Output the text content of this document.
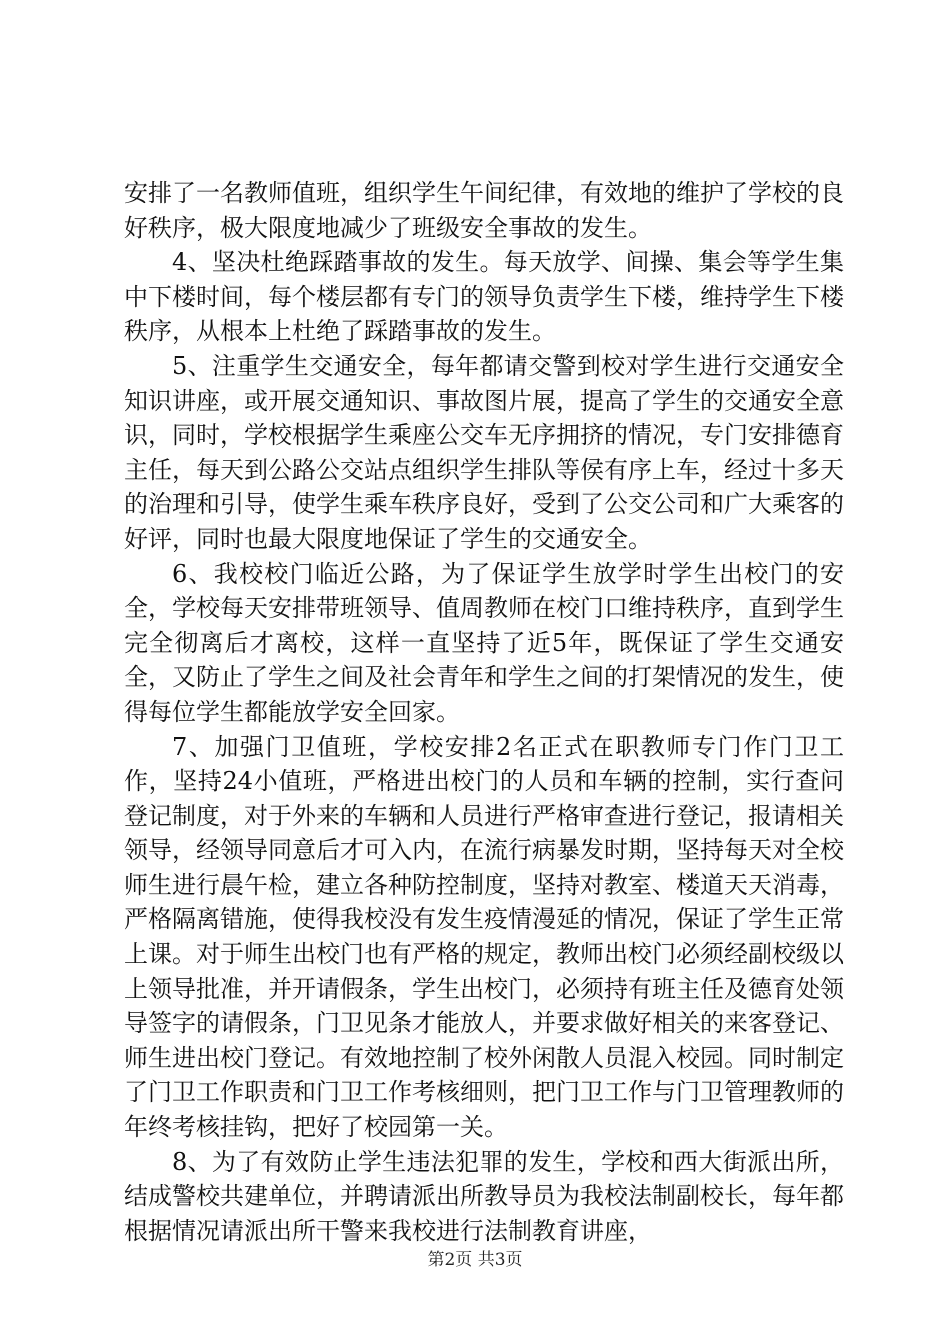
安排了一名教师值班，组织学生午间纪律，有效地的维护了学校的良好秩序，极大限度地减少了班级安全事故的发生。

4、坚决杜绝踩踏事故的发生。每天放学、间操、集会等学生集中下楼时间，每个楼层都有专门的领导负责学生下楼，维持学生下楼秩序，从根本上杜绝了踩踏事故的发生。

5、注重学生交通安全，每年都请交警到校对学生进行交通安全知识讲座，或开展交通知识、事故图片展，提高了学生的交通安全意识，同时，学校根据学生乘座公交车无序拥挤的情况，专门安排德育主任，每天到公路公交站点组织学生排队等侯有序上车，经过十多天的治理和引导，使学生乘车秩序良好，受到了公交公司和广大乘客的好评，同时也最大限度地保证了学生的交通安全。

6、我校校门临近公路，为了保证学生放学时学生出校门的安全，学校每天安排带班领导、值周教师在校门口维持秩序，直到学生完全彻离后才离校，这样一直坚持了近5年，既保证了学生交通安全，又防止了学生之间及社会青年和学生之间的打架情况的发生，使得每位学生都能放学安全回家。

7、加强门卫值班，学校安排2名正式在职教师专门作门卫工作，坚持24小值班，严格进出校门的人员和车辆的控制，实行查问登记制度，对于外来的车辆和人员进行严格审查进行登记，报请相关领导，经领导同意后才可入内，在流行病暴发时期，坚持每天对全校师生进行晨午检，建立各种防控制度，坚持对教室、楼道天天消毒，严格隔离错施，使得我校没有发生疫情漫延的情况，保证了学生正常上课。对于师生出校门也有严格的规定，教师出校门必须经副校级以上领导批准，并开请假条，学生出校门，必须持有班主任及德育处领导签字的请假条，门卫见条才能放人，并要求做好相关的来客登记、师生进出校门登记。有效地控制了校外闲散人员混入校园。同时制定了门卫工作职责和门卫工作考核细则，把门卫工作与门卫管理教师的年终考核挂钩，把好了校园第一关。

8、为了有效防止学生违法犯罪的发生，学校和西大街派出所，结成警校共建单位，并聘请派出所教导员为我校法制副校长，每年都根据情况请派出所干警来我校进行法制教育讲座，

第2页 共3页
